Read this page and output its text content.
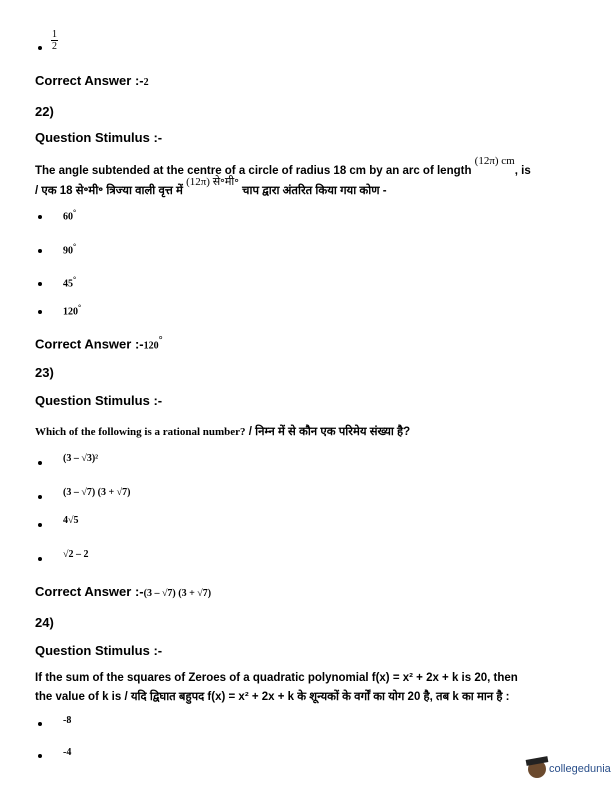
$\frac{1}{2}$
Correct Answer :-2
22)
Question Stimulus :-
The angle subtended at the centre of a circle of radius 18 cm by an arc of length $^{(12\pi) cm}$, is
/ एक 18 से॰मी॰ त्रिज्या वाली वृत्त में $^{(12\pi) से॰मी॰}$ चाप द्वारा अंतरित किया गया कोण -
60°
90°
45°
120°
Correct Answer :-120°
23)
Question Stimulus :-
Which of the following is a rational number? / निम्न में से कौन एक परिमेय संख्या है?
(3 – √3)²
(3 – √7) (3 + √7)
4√5
√2 – 2
Correct Answer :-(3 – √7) (3 + √7)
24)
Question Stimulus :-
If the sum of the squares of Zeroes of a quadratic polynomial f(x) = x² + 2x + k is 20, then
the value of k is / यदि द्विघात बहुपद f(x) = x² + 2x + k के शून्यकों के वर्गों का योग 20 है, तब k का मान है :
-8
-4
collegedunia
